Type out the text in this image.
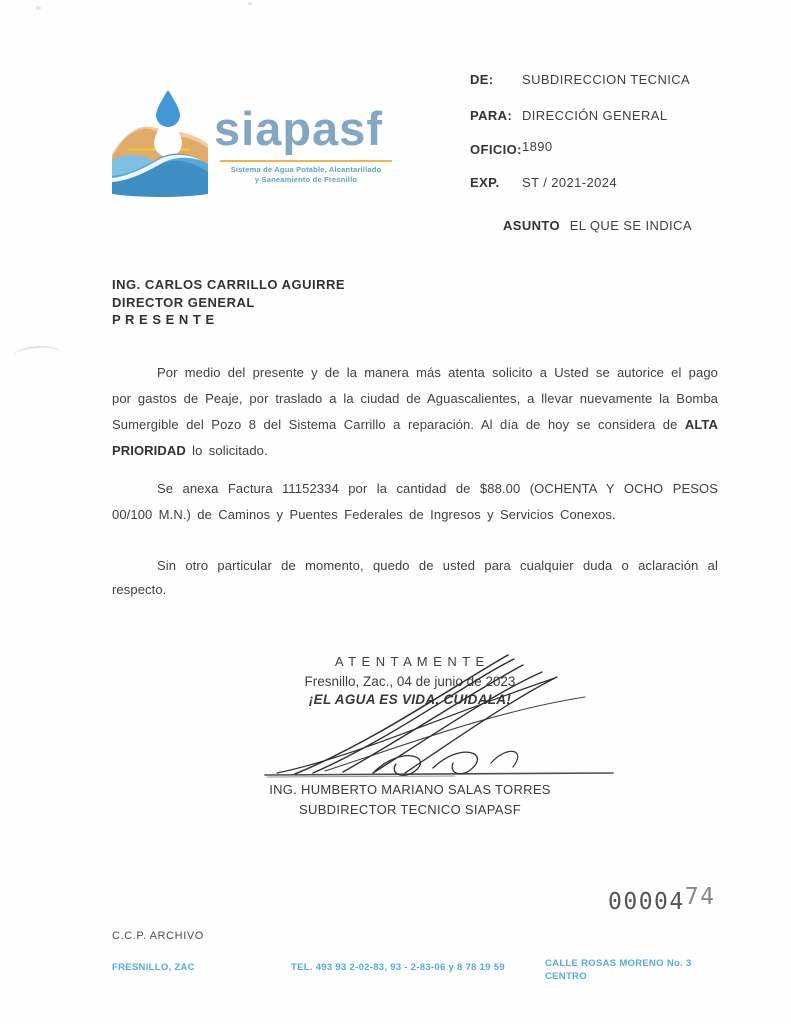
siapasf
Sistema de Agua Potable, Alcantarillado
y Saneamiento de Fresnillo
DE: SUBDIRECCION TECNICA
PARA: DIRECCIÓN GENERAL
OFICIO: 1890
EXP. ST / 2021-2024
ASUNTO EL QUE SE INDICA
ING. CARLOS CARRILLO AGUIRRE
DIRECTOR GENERAL
P R E S E N T E
Por medio del presente y de la manera más atenta solicito a Usted se autorice el pago por gastos de Peaje, por traslado a la ciudad de Aguascalientes, a llevar nuevamente la Bomba Sumergible del Pozo 8 del Sistema Carrillo a reparación. Al día de hoy se considera de ALTA PRIORIDAD lo solicitado.
Se anexa Factura 11152334 por la cantidad de $88.00 (OCHENTA Y OCHO PESOS 00/100 M.N.) de Caminos y Puentes Federales de Ingresos y Servicios Conexos.
Sin otro particular de momento, quedo de usted para cualquier duda o aclaración al respecto.
A T E N T A M E N T E
Fresnillo, Zac., 04 de junio de 2023
¡EL AGUA ES VIDA, CUIDALA!
ING. HUMBERTO MARIANO SALAS TORRES
SUBDIRECTOR TECNICO SIAPASF
0000474
C.C.P. ARCHIVO
FRESNILLO, ZAC	TEL. 493 93 2-02-83, 93 - 2-83-06 y 8 78 19 59	CALLE ROSAS MORENO No. 3
CENTRO
